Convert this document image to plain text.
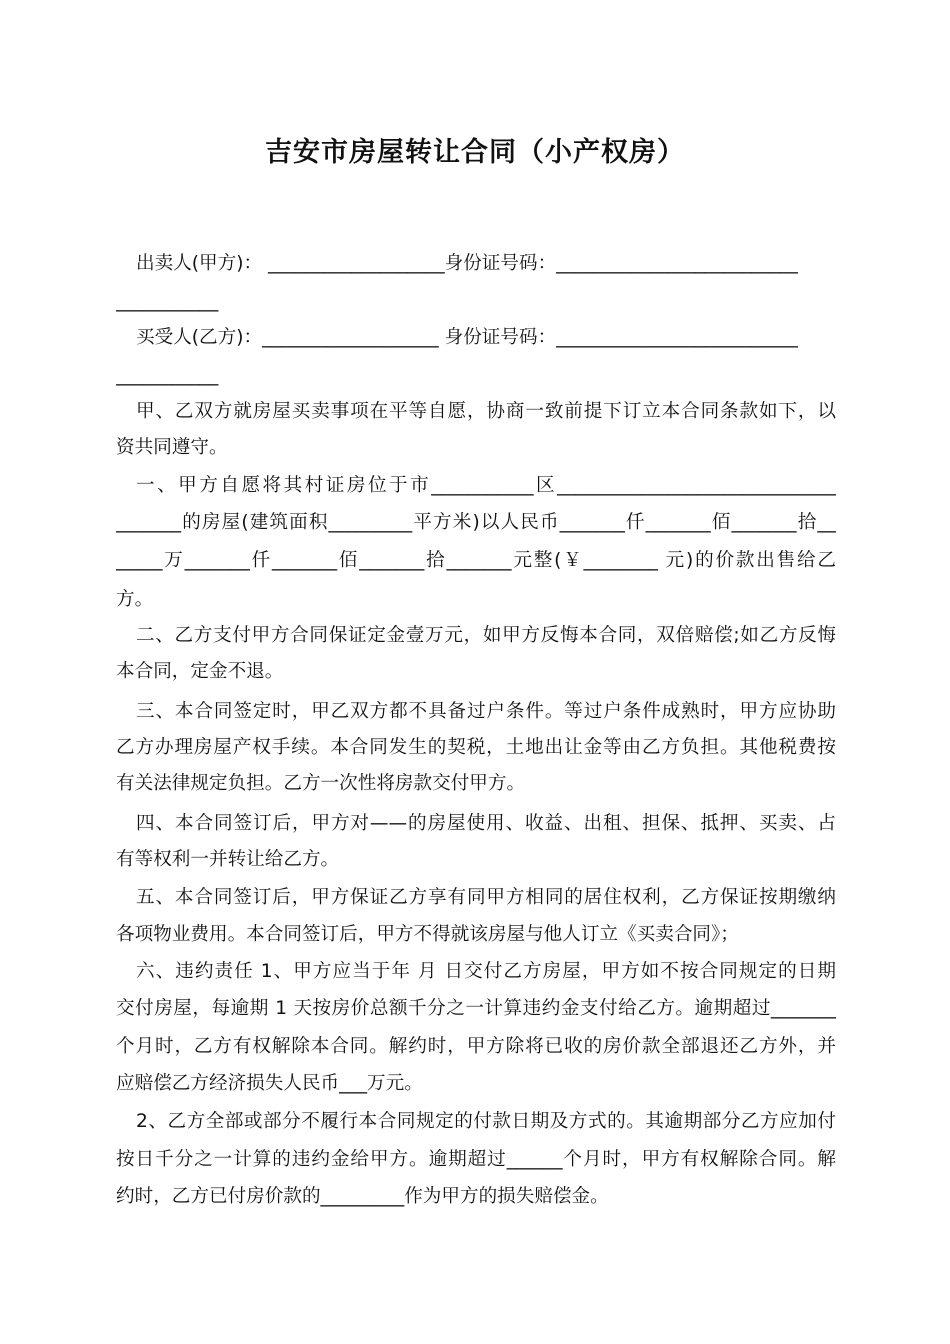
吉安市房屋转让合同（小产权房）
出卖人(甲方)： ___________________身份证号码：__________________________
___________
买受人(乙方)：___________________ 身份证号码：__________________________
___________
甲、乙双方就房屋买卖事项在平等自愿，协商一致前提下订立本合同条款如下，以
资共同遵守。
一、甲方自愿将其村证房位于市___________区______________________________
_______的房屋(建筑面积_________平方米)以人民币_______仟_______佰_______拾__
_____万_______仟_______佰_______拾_______元整(￥________ 元)的价款出售给乙
方。
二、乙方支付甲方合同保证定金壹万元，如甲方反悔本合同，双倍赔偿;如乙方反悔
本合同，定金不退。
三、本合同签定时，甲乙双方都不具备过户条件。等过户条件成熟时，甲方应协助
乙方办理房屋产权手续。本合同发生的契税，土地出让金等由乙方负担。其他税费按
有关法律规定负担。乙方一次性将房款交付甲方。
四、本合同签订后，甲方对——的房屋使用、收益、出租、担保、抵押、买卖、占
有等权利一并转让给乙方。
五、本合同签订后，甲方保证乙方享有同甲方相同的居住权利，乙方保证按期缴纳
各项物业费用。本合同签订后，甲方不得就该房屋与他人订立《买卖合同》；
六、违约责任 1、甲方应当于年 月 日交付乙方房屋，甲方如不按合同规定的日期
交付房屋，每逾期 1 天按房价总额千分之一计算违约金支付给乙方。逾期超过_______
个月时，乙方有权解除本合同。解约时，甲方除将已收的房价款全部退还乙方外，并
应赔偿乙方经济损失人民币___万元。
2、乙方全部或部分不履行本合同规定的付款日期及方式的。其逾期部分乙方应加付
按日千分之一计算的违约金给甲方。逾期超过______个月时，甲方有权解除合同。解
约时，乙方已付房价款的_________作为甲方的损失赔偿金。
